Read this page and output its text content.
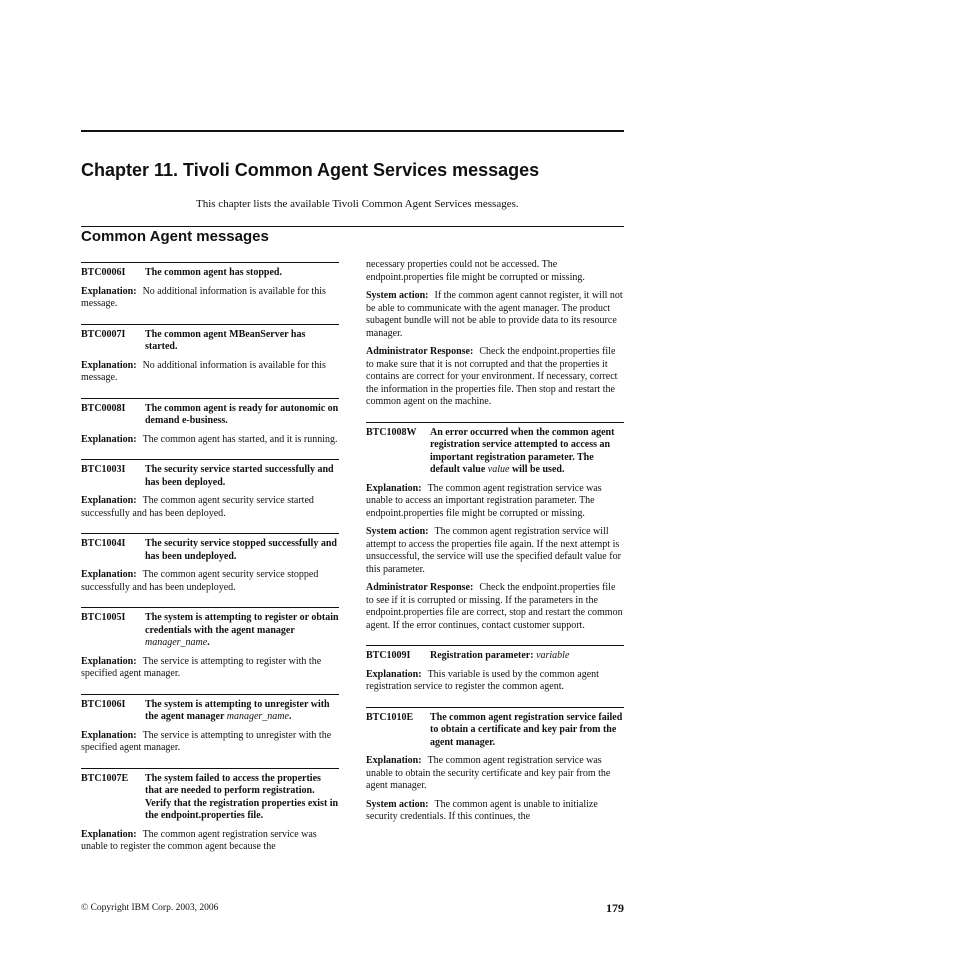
Chapter 11. Tivoli Common Agent Services messages
This chapter lists the available Tivoli Common Agent Services messages.
Common Agent messages
BTC0006I	The common agent has stopped.

Explanation: No additional information is available for this message.

BTC0007I	The common agent MBeanServer has started.

Explanation: No additional information is available for this message.

BTC0008I	The common agent is ready for autonomic on demand e-business.

Explanation: The common agent has started, and it is running.

BTC1003I	The security service started successfully and has been deployed.

Explanation: The common agent security service started successfully and has been deployed.

BTC1004I	The security service stopped successfully and has been undeployed.

Explanation: The common agent security service stopped successfully and has been undeployed.

BTC1005I	The system is attempting to register or obtain credentials with the agent manager manager_name.

Explanation: The service is attempting to register with the specified agent manager.

BTC1006I	The system is attempting to unregister with the agent manager manager_name.

Explanation: The service is attempting to unregister with the specified agent manager.

BTC1007E	The system failed to access the properties that are needed to perform registration. Verify that the registration properties exist in the endpoint.properties file.

Explanation: The common agent registration service was unable to register the common agent because the

necessary properties could not be accessed. The endpoint.properties file might be corrupted or missing.

System action: If the common agent cannot register, it will not be able to communicate with the agent manager. The product subagent bundle will not be able to provide data to its resource manager.

Administrator Response: Check the endpoint.properties file to make sure that it is not corrupted and that the properties it contains are correct for your environment. If necessary, correct the information in the properties file. Then stop and restart the common agent on the machine.

BTC1008W	An error occurred when the common agent registration service attempted to access an important registration parameter. The default value value will be used.

Explanation: The common agent registration service was unable to access an important registration parameter. The endpoint.properties file might be corrupted or missing.

System action: The common agent registration service will attempt to access the properties file again. If the next attempt is unsuccessful, the service will use the specified default value for this parameter.

Administrator Response: Check the endpoint.properties file to see if it is corrupted or missing. If the parameters in the endpoint.properties file are correct, stop and restart the common agent. If the error continues, contact customer support.

BTC1009I	Registration parameter: variable

Explanation: This variable is used by the common agent registration service to register the common agent.

BTC1010E	The common agent registration service failed to obtain a certificate and key pair from the agent manager.

Explanation: The common agent registration service was unable to obtain the security certificate and key pair from the agent manager.

System action: The common agent is unable to initialize security credentials. If this continues, the

© Copyright IBM Corp. 2003, 2006	179
